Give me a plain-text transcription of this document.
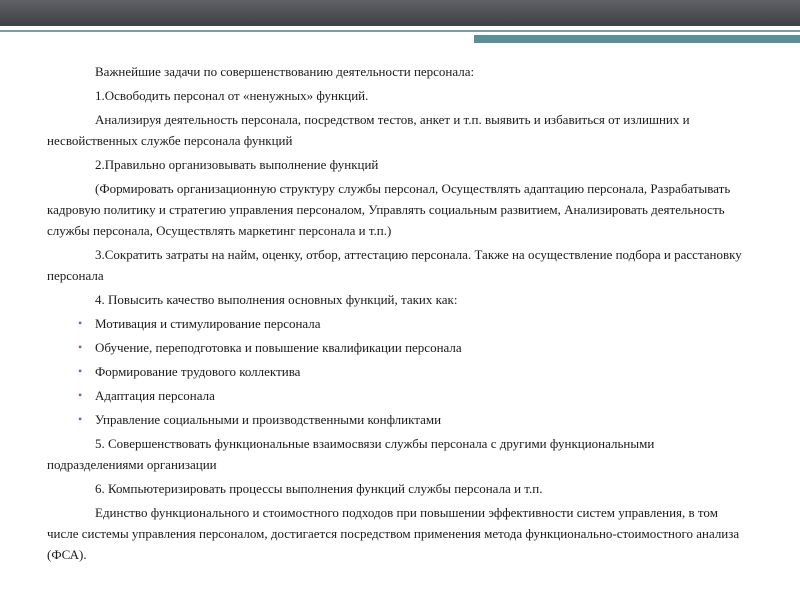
Важнейшие задачи по совершенствованию деятельности персонала:

1.Освободить персонал от «ненужных» функций.

Анализируя деятельность персонала, посредством тестов, анкет и т.п. выявить и избавиться от излишних и несвойственных службе персонала функций

2.Правильно организовывать выполнение функций

(Формировать организационную структуру службы персонал, Осуществлять адаптацию персонала, Разрабатывать кадровую политику и стратегию управления персоналом, Управлять социальным развитием, Анализировать деятельность службы персонала, Осуществлять маркетинг персонала и т.п.)

3.Сократить затраты на найм, оценку, отбор, аттестацию персонала. Также на осуществление подбора и расстановку персонала

4. Повысить качество выполнения основных функций, таких как:

• Мотивация и стимулирование персонала
• Обучение, переподготовка и повышение квалификации персонала
• Формирование трудового коллектива
• Адаптация персонала
• Управление социальными и производственными конфликтами

5. Совершенствовать функциональные взаимосвязи службы персонала с другими функциональными подразделениями организации

6. Компьютеризировать процессы выполнения функций службы персонала и т.п.

Единство функционального и стоимостного подходов при повышении эффективности систем управления, в том числе системы управления персоналом, достигается посредством применения метода функционально-стоимостного анализа (ФСА).
